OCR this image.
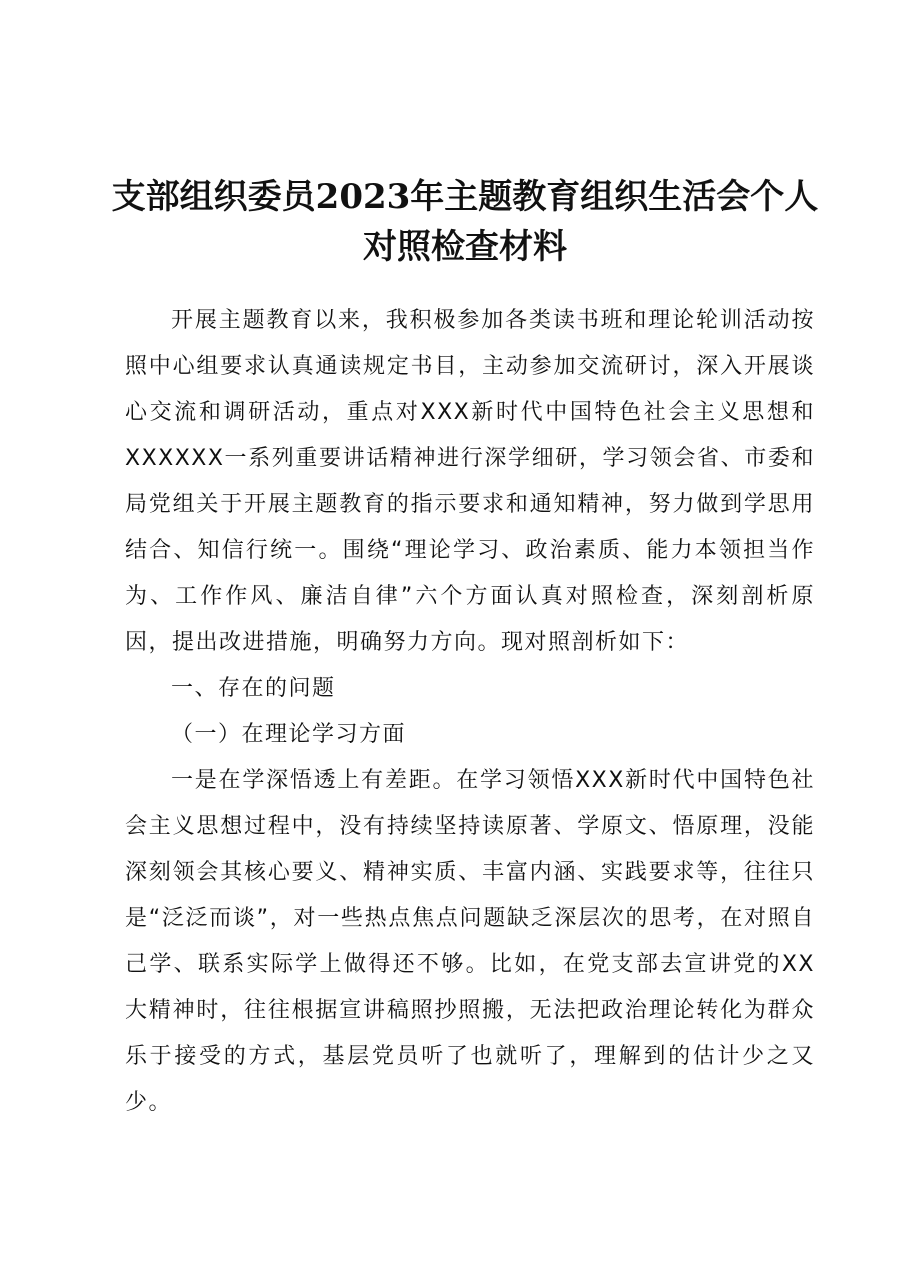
支部组织委员2023年主题教育组织生活会个人对照检查材料

开展主题教育以来，我积极参加各类读书班和理论轮训活动按照中心组要求认真通读规定书目，主动参加交流研讨，深入开展谈心交流和调研活动，重点对XXX新时代中国特色社会主义思想和XXXXXX一系列重要讲话精神进行深学细研，学习领会省、市委和局党组关于开展主题教育的指示要求和通知精神，努力做到学思用结合、知信行统一。围绕“理论学习、政治素质、能力本领担当作为、工作作风、廉洁自律”六个方面认真对照检查，深刻剖析原因，提出改进措施，明确努力方向。现对照剖析如下：

一、存在的问题

（一）在理论学习方面

一是在学深悟透上有差距。在学习领悟XXX新时代中国特色社会主义思想过程中，没有持续坚持读原著、学原文、悟原理，没能深刻领会其核心要义、精神实质、丰富内涵、实践要求等，往往只是“泛泛而谈”，对一些热点焦点问题缺乏深层次的思考，在对照自己学、联系实际学上做得还不够。比如，在党支部去宣讲党的XX大精神时，往往根据宣讲稿照抄照搬，无法把政治理论转化为群众乐于接受的方式，基层党员听了也就听了，理解到的估计少之又少。
